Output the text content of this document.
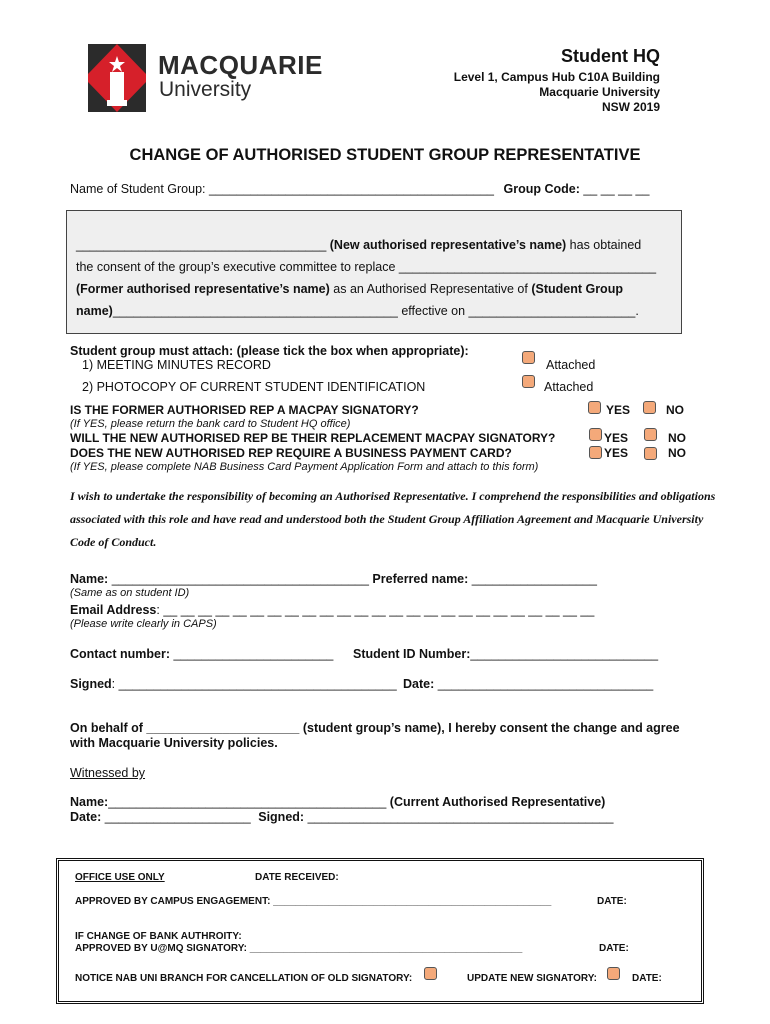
MACQUARIE
University
Student HQ
Level 1, Campus Hub C10A Building
Macquarie University
NSW 2019
CHANGE OF AUTHORISED STUDENT GROUP REPRESENTATIVE
Name of Student Group: _________________________________________ Group Code: __ __ __ __
____________________________________ (New authorised representative’s name) has obtained
the consent of the group’s executive committee to replace _____________________________________
(Former authorised representative’s name) as an Authorised Representative of (Student Group
name)_________________________________________ effective on ________________________.
Student group must attach: (please tick the box when appropriate):
1) MEETING MINUTES RECORD	Attached
2) PHOTOCOPY OF CURRENT STUDENT IDENTIFICATION	Attached
IS THE FORMER AUTHORISED REP A MACPAY SIGNATORY?	YES	NO
(If YES, please return the bank card to Student HQ office)
WILL THE NEW AUTHORISED REP BE THEIR REPLACEMENT MACPAY SIGNATORY?	YES	NO
DOES THE NEW AUTHORISED REP REQUIRE A BUSINESS PAYMENT CARD?	YES	NO
(If YES, please complete NAB Business Card Payment Application Form and attach to this form)
I wish to undertake the responsibility of becoming an Authorised Representative. I comprehend the responsibilities and obligations
associated with this role and have read and understood both the Student Group Affiliation Agreement and Macquarie University
Code of Conduct.
Name: _____________________________________ Preferred name: __________________
(Same as on student ID)
Email Address: __ __ __ __ __ __ __ __ __ __ __ __ __ __ __ __ __ __ __ __ __ __ __ __ __
(Please write clearly in CAPS)
Contact number: _______________________ Student ID Number:___________________________
Signed: ________________________________________ Date: _______________________________
On behalf of ______________________ (student group’s name), I hereby consent the change and agree
with Macquarie University policies.
Witnessed by
Name:________________________________________ (Current Authorised Representative)
Date: _____________________ Signed: ____________________________________________
OFFICE USE ONLY	DATE RECEIVED:
APPROVED BY CAMPUS ENGAGEMENT: __________________________________________________	DATE:
IF CHANGE OF BANK AUTHROITY:
APPROVED BY U@MQ SIGNATORY: _________________________________________________	DATE:
NOTICE NAB UNI BRANCH FOR CANCELLATION OF OLD SIGNATORY:	UPDATE NEW SIGNATORY:	DATE:
